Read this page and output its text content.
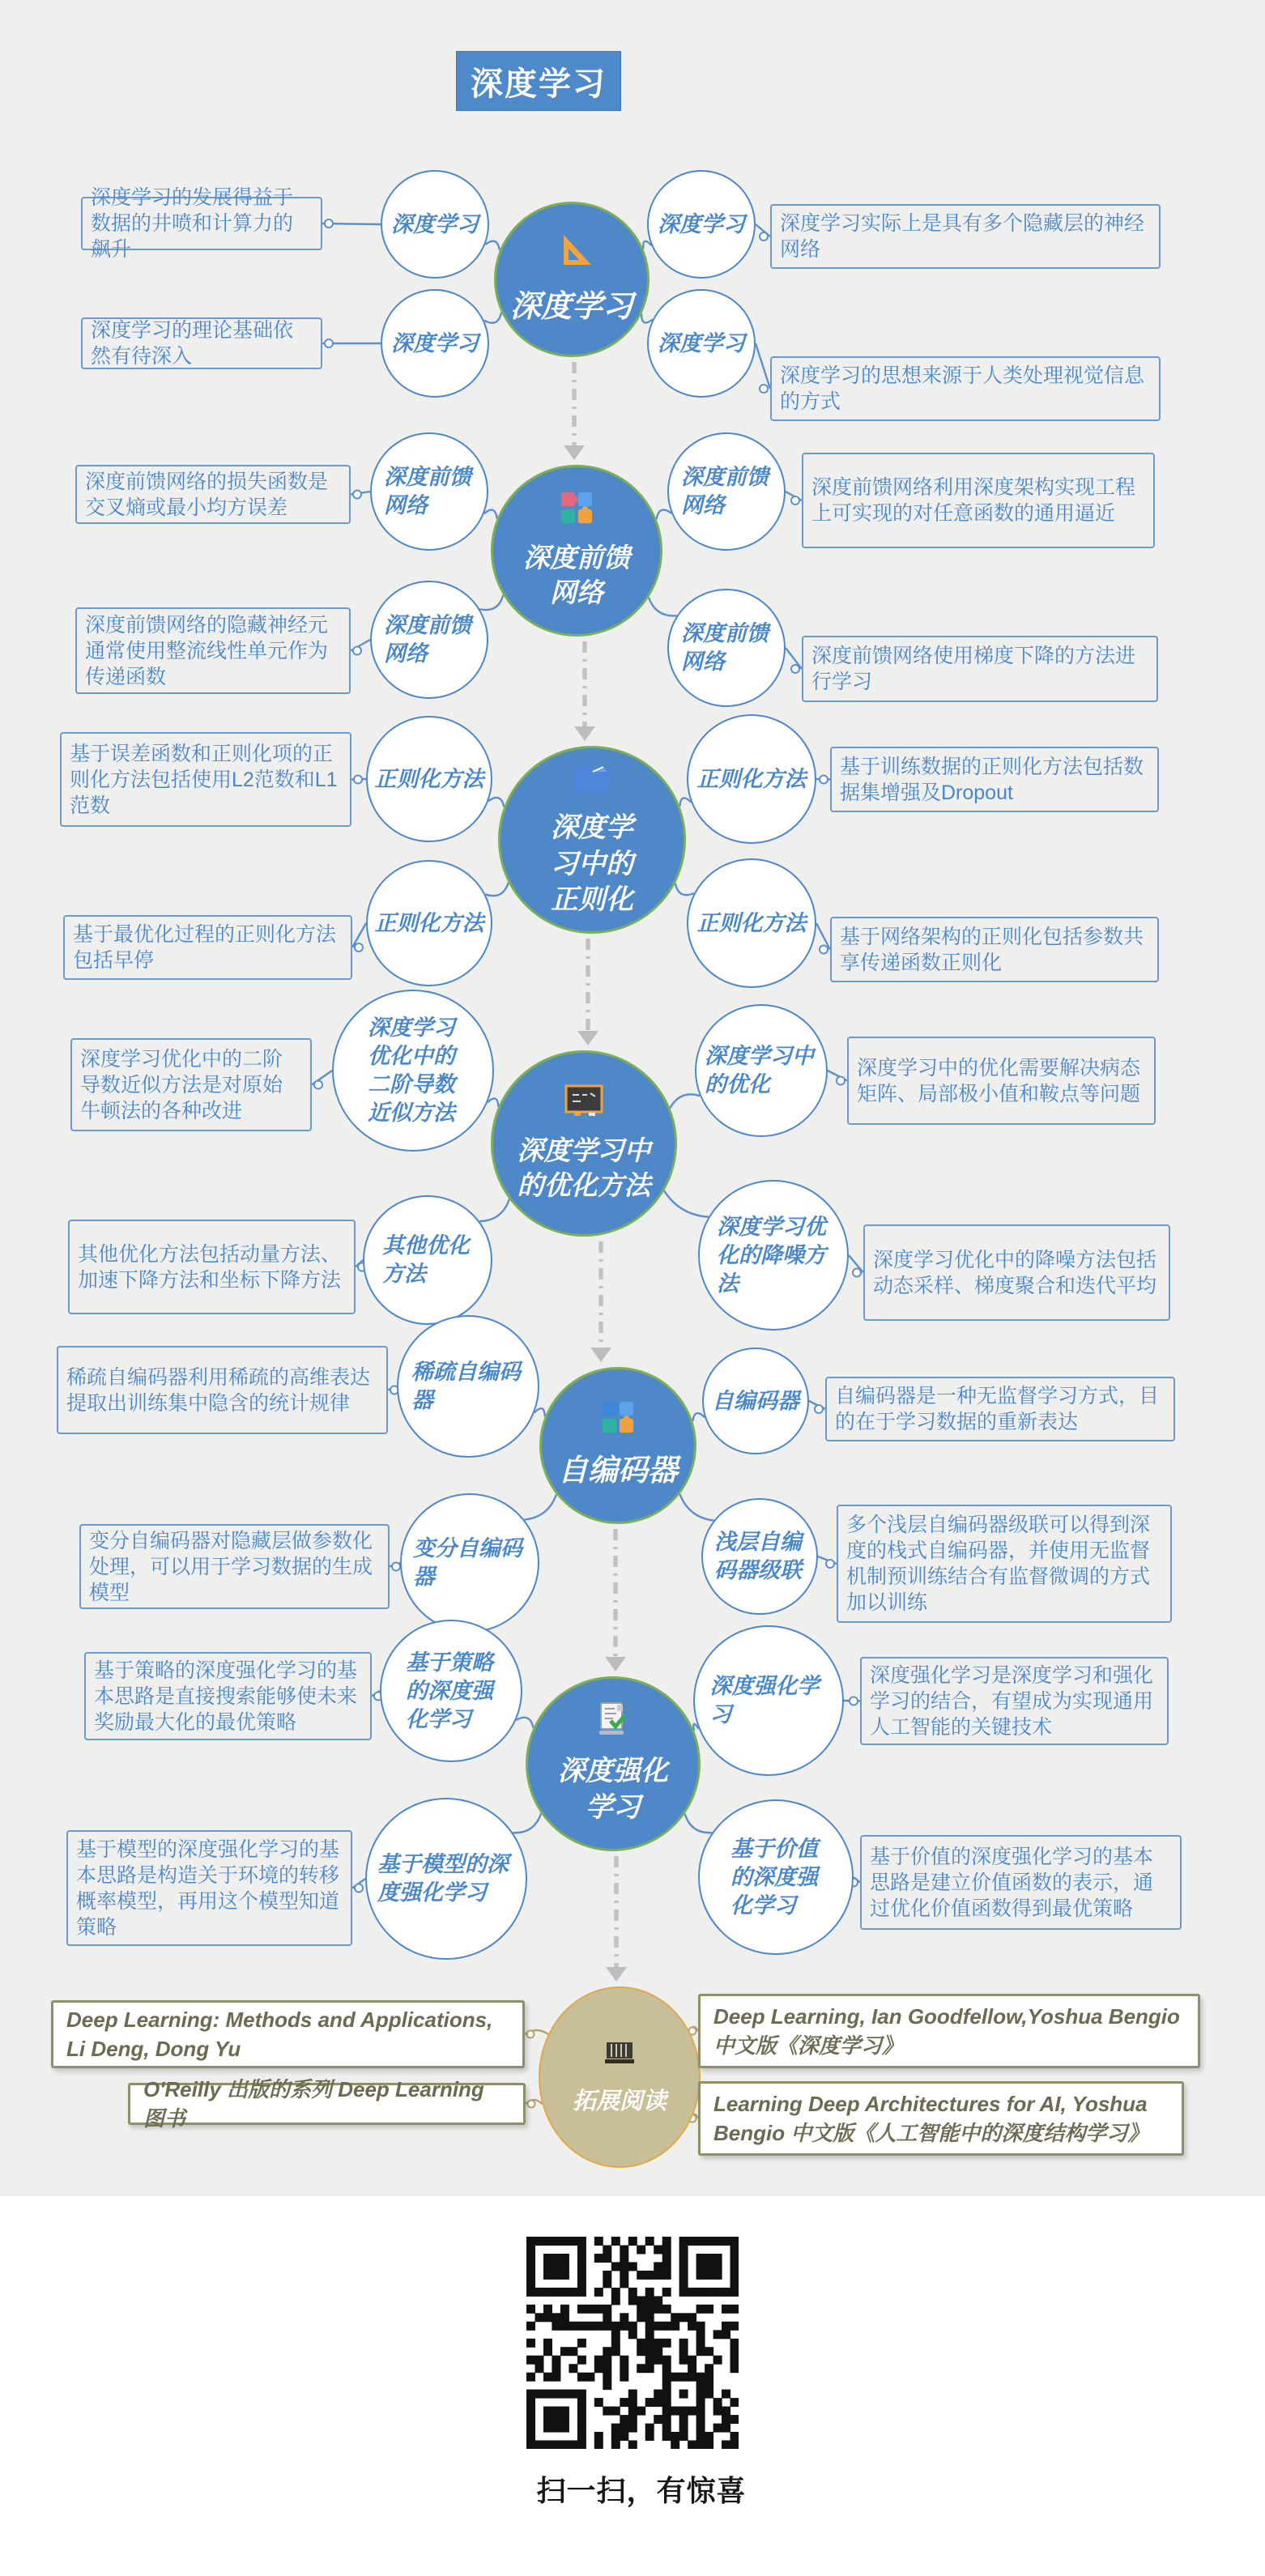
深度学习
深度学习的发展得益于数据的井喷和计算力的飙升
深度学习的理论基础依然有待深入
深度学习
深度学习
深度学习
深度学习
深度学习
深度学习实际上是具有多个隐藏层的神经网络
深度学习的思想来源于人类处理视觉信息的方式
深度前馈网络的损失函数是交叉熵或最小均方误差
深度前馈网络的隐藏神经元通常使用整流线性单元作为传递函数
深度前馈网络
深度前馈网络
深度前馈网络
深度前馈网络
深度前馈网络
深度前馈网络利用深度架构实现工程上可实现的对任意函数的通用逼近
深度前馈网络使用梯度下降的方法进行学习
基于误差函数和正则化项的正则化方法包括使用L2范数和L1范数
基于最优化过程的正则化方法包括早停
正则化方法
正则化方法
深度学习中的正则化
正则化方法
正则化方法
基于训练数据的正则化方法包括数据集增强及Dropout
基于网络架构的正则化包括参数共享传递函数正则化
深度学习优化中的二阶导数近似方法是对原始牛顿法的各种改进
其他优化方法包括动量方法、加速下降方法和坐标下降方法
深度学习优化中的二阶导数近似方法
其他优化方法
深度学习中的优化方法
深度学习中的优化
深度学习优化的降噪方法
深度学习中的优化需要解决病态矩阵、局部极小值和鞍点等问题
深度学习优化中的降噪方法包括动态采样、梯度聚合和迭代平均
稀疏自编码器利用稀疏的高维表达提取出训练集中隐含的统计规律
变分自编码器对隐藏层做参数化处理，可以用于学习数据的生成模型
稀疏自编码器
变分自编码器
自编码器
自编码器
浅层自编码器级联
自编码器是一种无监督学习方式，目的在于学习数据的重新表达
多个浅层自编码器级联可以得到深度的栈式自编码器，并使用无监督机制预训练结合有监督微调的方式加以训练
基于策略的深度强化学习的基本思路是直接搜索能够使未来奖励最大化的最优策略
基于模型的深度强化学习的基本思路是构造关于环境的转移概率模型，再用这个模型知道策略
基于策略的深度强化学习
基于模型的深度强化学习
深度强化学习
深度强化学习
基于价值的深度强化学习
深度强化学习是深度学习和强化学习的结合，有望成为实现通用人工智能的关键技术
基于价值的深度强化学习的基本思路是建立价值函数的表示，通过优化价值函数得到最优策略
Deep Learning: Methods and Applications, Li Deng, Dong Yu
O'Reilly 出版的系列 Deep Learning 图书
拓展阅读
Deep Learning, Ian Goodfellow,Yoshua Bengio 中文版《深度学习》
Learning Deep Architectures for AI, Yoshua Bengio 中文版《人工智能中的深度结构学习》
扫一扫，有惊喜
